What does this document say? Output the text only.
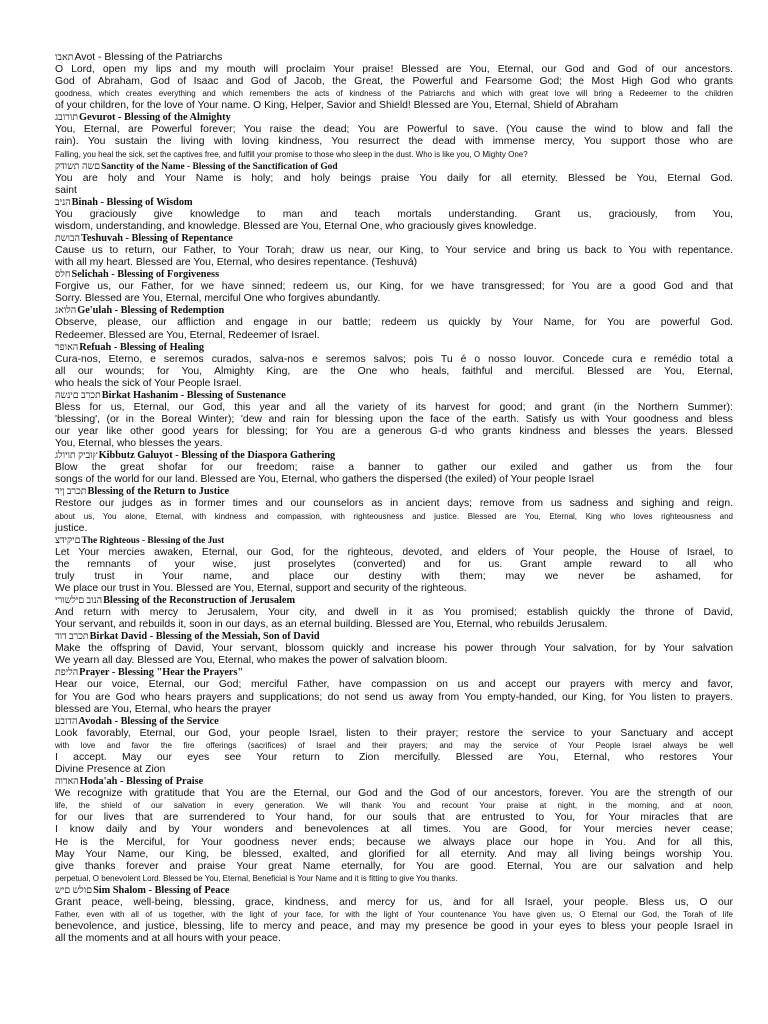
תאבוAvot - Blessing of the Patriarchs
O Lord, open my lips and my mouth will proclaim Your praise! Blessed are You, Eternal, our God and God of our ancestors.
God of Abraham, God of Isaac and God of Jacob, the Great, the Powerful and Fearsome God; the Most High God who grants
goodness, which creates everything and which remembers the acts of kindness of the Patriarchs and which with great love will bring a Redeemer to the children
of your children, for the love of Your name. O King, Helper, Savior and Shield! Blessed are You, Eternal, Shield of Abraham
תורובגGevurot - Blessing of the Almighty
You, Eternal, are Powerful forever; You raise the dead; You are Powerful to save. (You cause the wind to blow and fall the
rain). You sustain the living with loving kindness, You resurrect the dead with immense mercy, You support those who are
Falling, you heal the sick, set the captives free, and fulfill your promise to those who sleep in the dust. Who is like you, O Mighty One?
םשה תשודקSanctity of the Name - Blessing of the Sanctification of God
You are holy and Your Name is holy; and holy beings praise You daily for all eternity. Blessed be You, Eternal God.
saint
הניבBinah - Blessing of Wisdom
You graciously give knowledge to man and teach mortals understanding. Grant us, graciously, from You,
wisdom, understanding, and knowledge. Blessed are You, Eternal One, who graciously gives knowledge.
הבושתTeshuvah - Blessing of Repentance
Cause us to return, our Father, to Your Torah; draw us near, our King, to Your service and bring us back to You with repentance.
with all my heart. Blessed are You, Eternal, who desires repentance. (Teshuvá)
חלסSelichah - Blessing of Forgiveness
Forgive us, our Father, for we have sinned; redeem us, our King, for we have transgressed; for You are a good God and that
Sorry. Blessed are You, Eternal, merciful One who forgives abundantly.
הלואגGe'ulah - Blessing of Redemption
Observe, please, our affliction and engage in our battle; redeem us quickly by Your Name, for You are powerful God.
Redeemer. Blessed are You, Eternal, Redeemer of Israel.
האופרRefuah - Blessing of Healing
Cura-nos, Eterno, e seremos curados, salva-nos e seremos salvos; pois Tu é o nosso louvor. Concede cura e remédio total a
all our wounds; for You, Almighty King, are the One who heals, faithful and merciful. Blessed are You, Eternal,
who heals the sick of Your People Israel.
תכרב םינשהBirkat Hashanim - Blessing of Sustenance
Bless for us, Eternal, our God, this year and all the variety of its harvest for good; and grant (in the Northern Summer):
'blessing', (or in the Boreal Winter); 'dew and rain for blessing upon the face of the earth. Satisfy us with Your goodness and bless
our year like other good years for blessing; for You are a generous G-d who grants kindness and blesses the years. Blessed
You, Eternal, who blesses the years.
ץוביק תויולגKibbutz Galuyot - Blessing of the Diaspora Gathering
Blow the great shofar for our freedom; raise a banner to gather our exiled and gather us from the four
songs of the world for our land. Blessed are You, Eternal, who gathers the dispersed (the exiled) of Your people Israel
תכרב ןידBlessing of the Return to Justice
Restore our judges as in former times and our counselors as in ancient days; remove from us sadness and sighing and reign.
about us, You alone, Eternal, with kindness and compassion, with righteousness and justice. Blessed are You, Eternal, King who loves righteousness and
justice.
םיקידצThe Righteous - Blessing of the Just
Let Your mercies awaken, Eternal, our God, for the righteous, devoted, and elders of Your people, the House of Israel, to
the remnants of your wise, just proselytes (converted) and for us. Grant ample reward to all who
truly trust in Your name, and place our destiny with them; may we never be ashamed, for
We place our trust in You. Blessed are You, Eternal, support and security of the righteous.
הנוב םילשוריBlessing of the Reconstruction of Jerusalem
And return with mercy to Jerusalem, Your city, and dwell in it as You promised; establish quickly the throne of David,
Your servant, and rebuilds it, soon in our days, as an eternal building. Blessed are You, Eternal, who rebuilds Jerusalem.
תכרב דודBirkat David - Blessing of the Messiah, Son of David
Make the offspring of David, Your servant, blossom quickly and increase his power through Your salvation, for by Your salvation
We yearn all day. Blessed are You, Eternal, who makes the power of salvation bloom.
הליפתPrayer - Blessing "Hear the Prayers"
Hear our voice, Eternal, our God; merciful Father, have compassion on us and accept our prayers with mercy and favor,
for You are God who hears prayers and supplications; do not send us away from You empty-handed, our King, for You listen to prayers.
blessed are You, Eternal, who hears the prayer
הדובעAvodah - Blessing of the Service
Look favorably, Eternal, our God, your people Israel, listen to their prayer; restore the service to your Sanctuary and accept
with love and favor the fire offerings (sacrifices) of Israel and their prayers; and may the service of Your People Israel always be well
I accept. May our eyes see Your return to Zion mercifully. Blessed are You, Eternal, who restores Your
Divine Presence at Zion
האדוהHoda'ah - Blessing of Praise
We recognize with gratitude that You are the Eternal, our God and the God of our ancestors, forever. You are the strength of our
life, the shield of our salvation in every generation. We will thank You and recount Your praise at night, in the morning, and at noon,
for our lives that are surrendered to Your hand, for our souls that are entrusted to You, for Your miracles that are
I know daily and by Your wonders and benevolences at all times. You are Good, for Your mercies never cease;
He is the Merciful, for Your goodness never ends; because we always place our hope in You. And for all this,
May Your Name, our King, be blessed, exalted, and glorified for all eternity. And may all living beings worship You.
give thanks forever and praise Your great Name eternally, for You are good. Eternal, You are our salvation and help
perpetual, O benevolent Lord. Blessed be You, Eternal, Beneficial is Your Name and it is fitting to give You thanks.
םולש םישSim Shalom - Blessing of Peace
Grant peace, well-being, blessing, grace, kindness, and mercy for us, and for all Israel, your people. Bless us, O our
Father, even with all of us together, with the light of your face, for with the light of Your countenance You have given us, O Eternal our God, the Torah of life
benevolence, and justice, blessing, life to mercy and peace, and may my presence be good in your eyes to bless your people Israel in
all the moments and at all hours with your peace.
